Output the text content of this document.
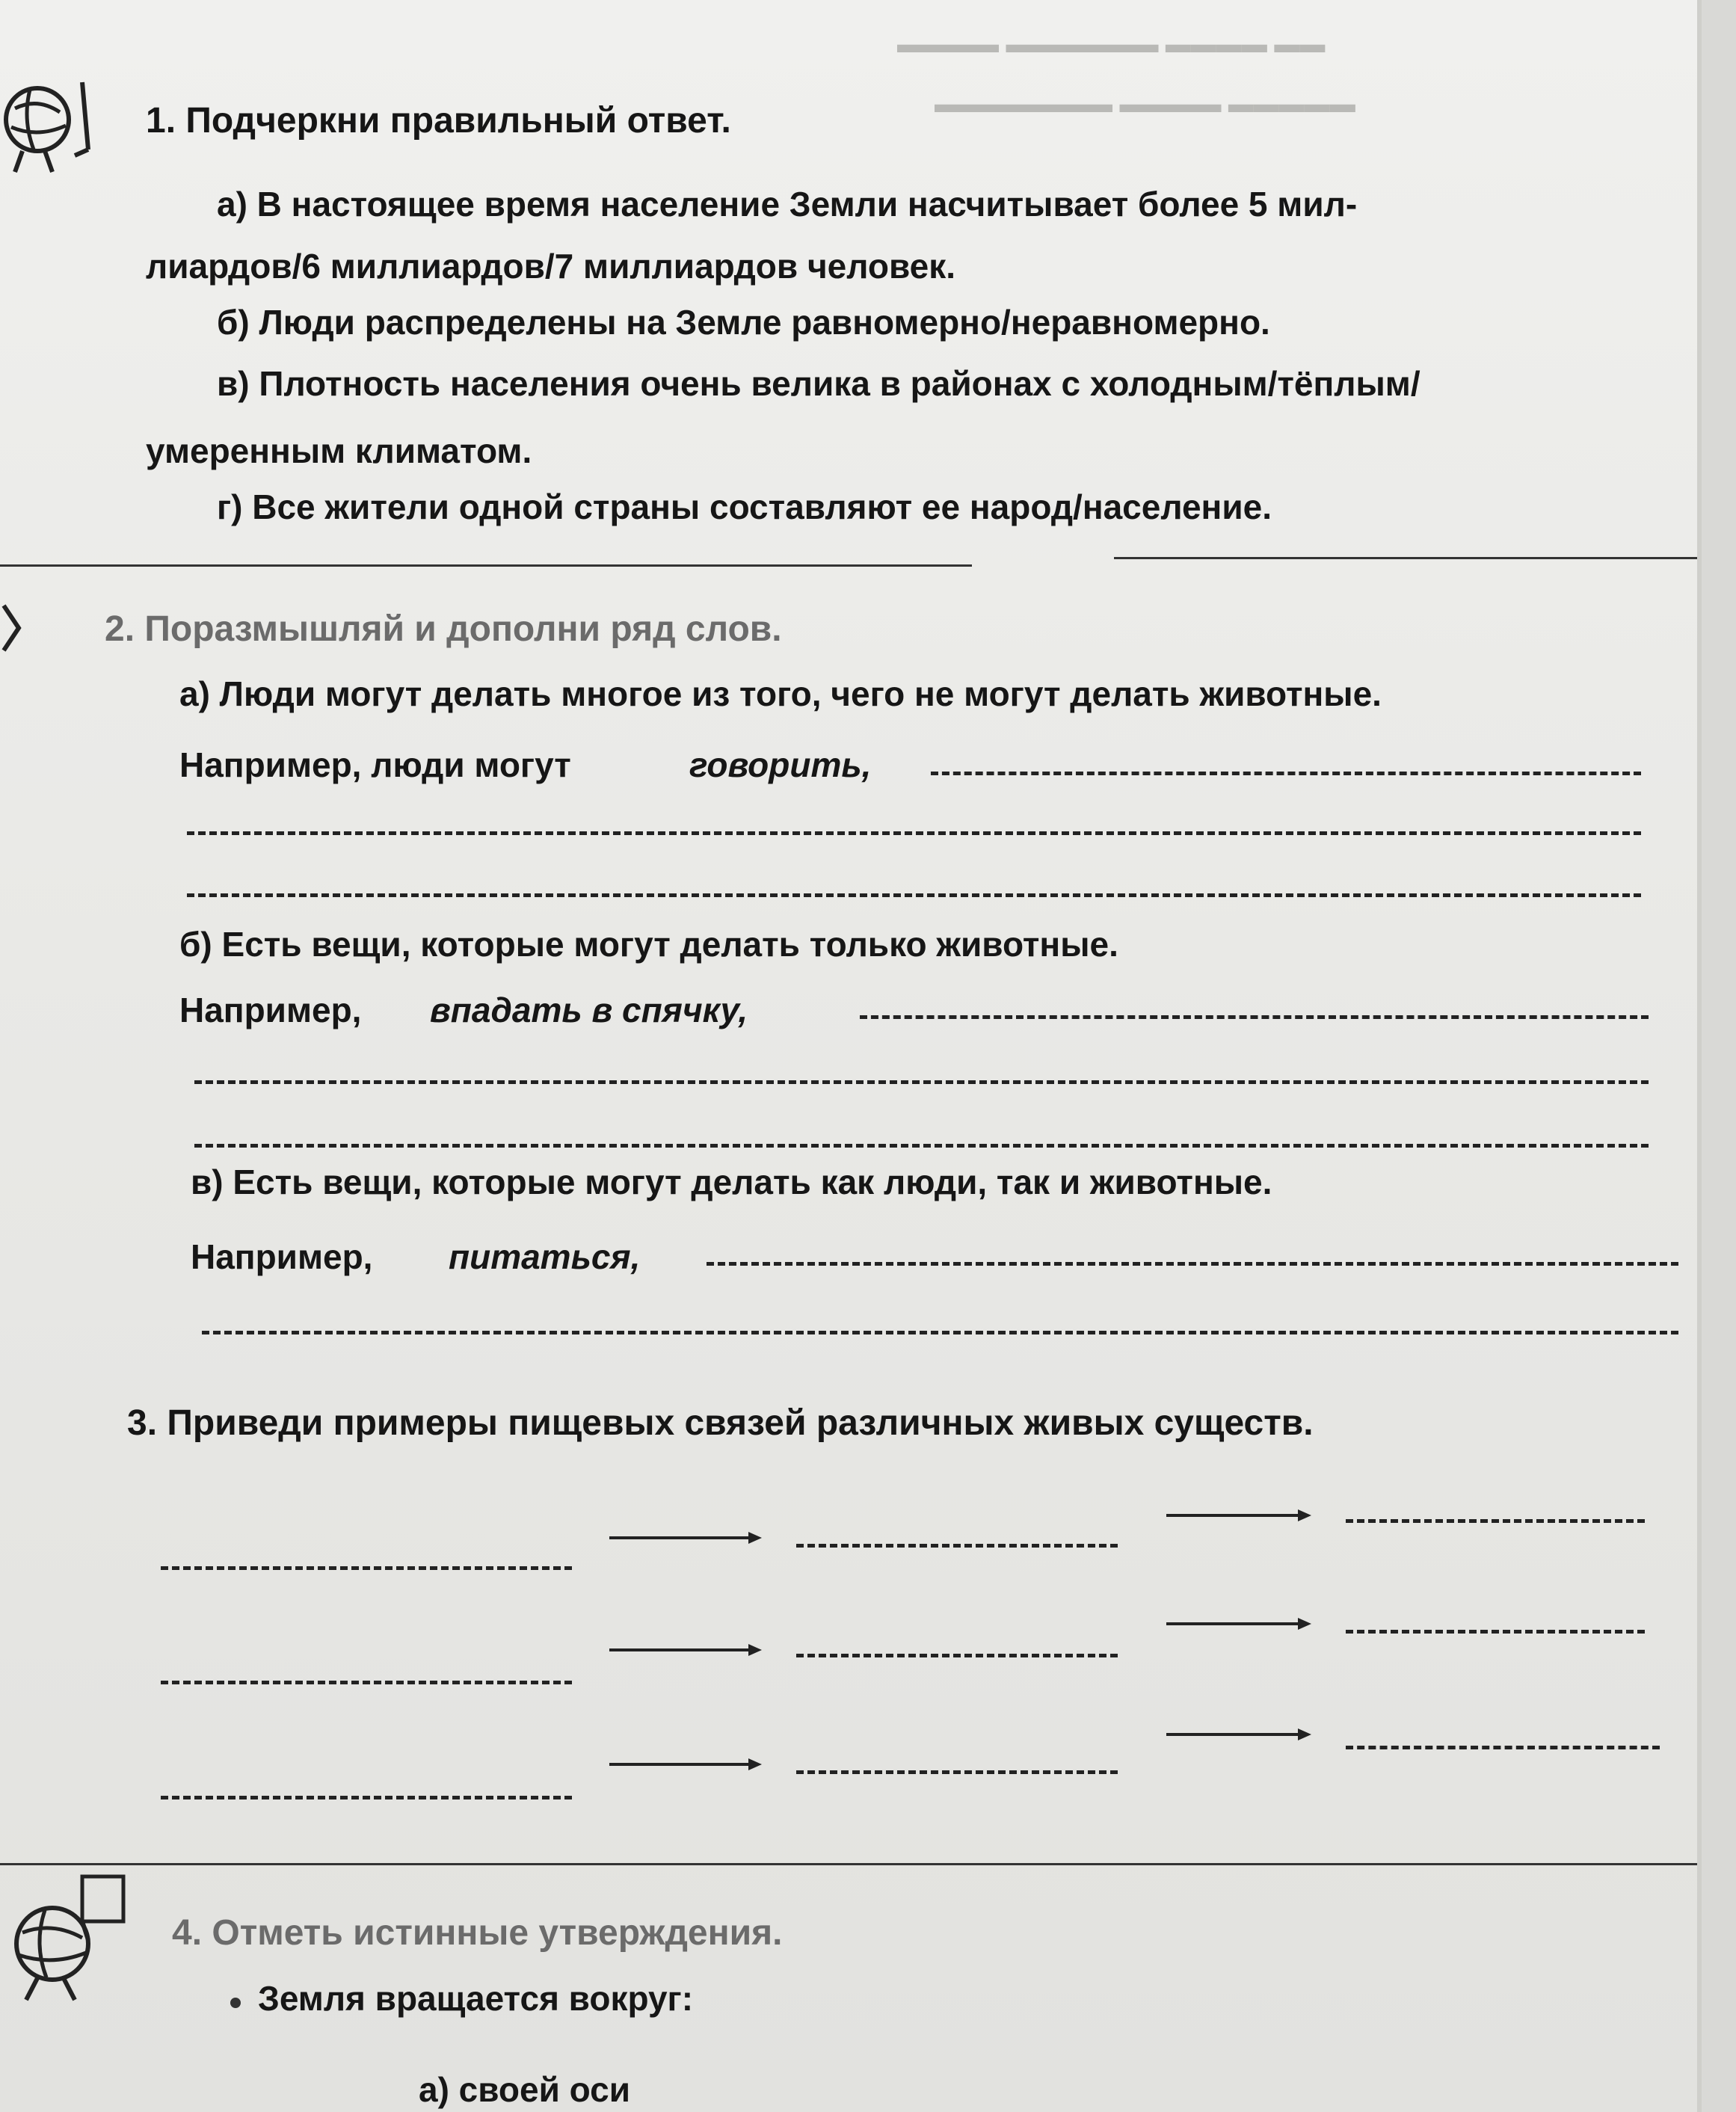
▬▬ ▬▬▬▬ ▬▬▬▬▬▬ ▬▬▬▬
▬▬▬▬▬ ▬▬▬▬ ▬▬▬▬▬▬▬
1. Подчеркни правильный ответ.
а) В настоящее время население Земли насчитывает более 5 мил-
лиардов/6 миллиардов/7 миллиардов человек.
б) Люди распределены на Земле равномерно/неравномерно.
в) Плотность населения очень велика в районах с холодным/тёплым/
умеренным климатом.
г) Все жители одной страны составляют ее народ/население.
2. Поразмышляй и дополни ряд слов.
а) Люди могут делать многое из того, чего не могут делать животные.
Например, люди могут	говорить,
б) Есть вещи, которые могут делать только животные.
Например, впадать в спячку,
в) Есть вещи, которые могут делать как люди, так и животные.
Например, питаться,
3. Приведи примеры пищевых связей различных живых существ.
4. Отметь истинные утверждения.
Земля вращается вокруг:
а) своей оси
